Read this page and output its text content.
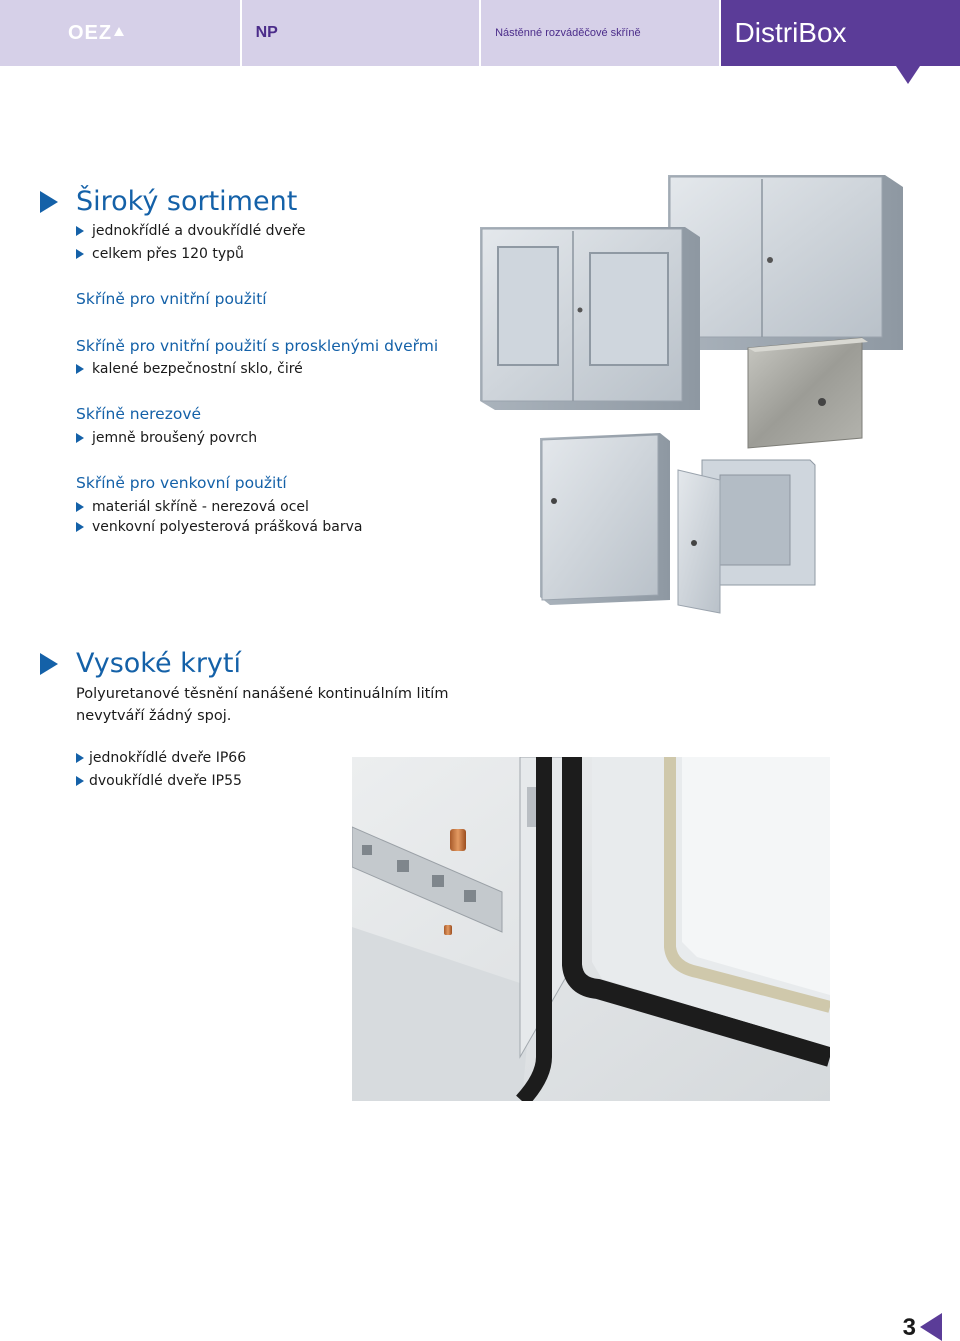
OEZ	NP	Nástěnné rozváděčové skříně	DistriBox
Široký sortiment
jednokřídlé a dvoukřídlé dveře
celkem přes 120 typů
Skříně pro vnitřní použití
Skříně pro vnitřní použití s prosklenými dveřmi
kalené bezpečnostní sklo, čiré
Skříně nerezové
jemně broušený povrch
Skříně pro venkovní použití
materiál skříně - nerezová ocel
venkovní polyesterová prášková barva
Vysoké krytí
Polyuretanové těsnění nanášené kontinuálním litím
nevytváří žádný spoj.
jednokřídlé dveře IP66
dvoukřídlé dveře IP55
3
